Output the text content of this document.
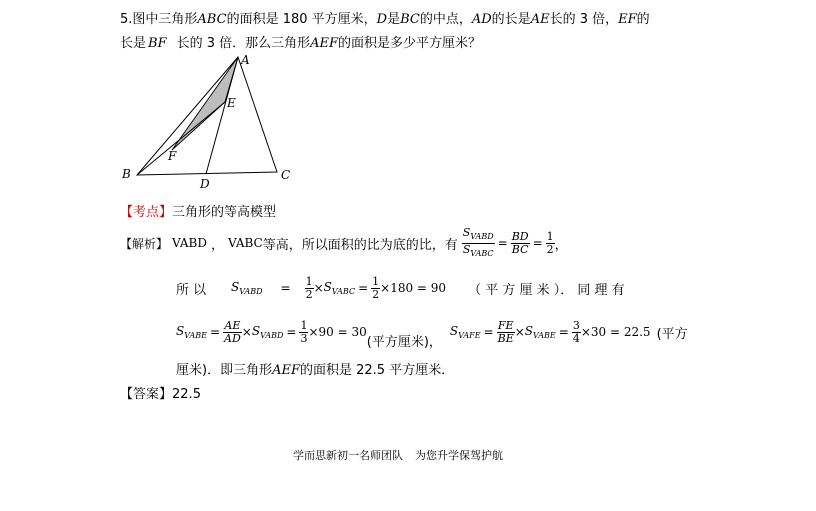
5.图中三角形ABC的面积是 180 平方厘米，D是BC的中点，AD的长是AE长的 3 倍，EF的
长是 BF 长的 3 倍．那么三角形AEF的面积是多少平方厘米？
A
E
F
B
D
C
【考点】三角形的等高模型
【解析】 VABD ， VABC 等高，所以面积的比为底的比，有 $\frac{S_{VABD}}{S_{VABC}} = \frac{BD}{BC} = \frac{1}{2}$ ，
所 以	$S_{VABD} = \frac{1}{2} \times S_{VABC} = \frac{1}{2} \times 180 = 90$ （ 平 方 厘 米 ）． 同 理 有
$S_{VABE} = \frac{AE}{AD} \times S_{VABD} = \frac{1}{3} \times 90 = 30$
(平方厘米)，
$S_{VAFE} = \frac{FE}{BE} \times S_{VABE} = \frac{3}{4} \times 30 = 22.5$ (平方
厘米)．即三角形AEF的面积是 22.5 平方厘米．
【答案】22.5
学而思新初一名师团队 为您升学保驾护航
